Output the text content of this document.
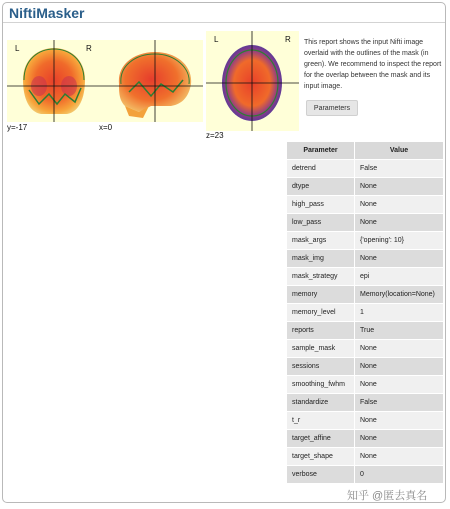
NiftiMasker
L	R
y=-17	x=0
L	R
z=23
This report shows the input Nifti image overlaid with the outlines of the mask (in green). We recommend to inspect the report for the overlap between the mask and its input image.
Parameters
Parameter	Value
detrend	False
dtype	None
high_pass	None
low_pass	None
mask_args	{'opening': 10}
mask_img	None
mask_strategy	epi
memory	Memory(location=None)
memory_level	1
reports	True
sample_mask	None
sessions	None
smoothing_fwhm	None
standardize	False
t_r	None
target_affine	None
target_shape	None
verbose	0
知乎 @匿去真名
